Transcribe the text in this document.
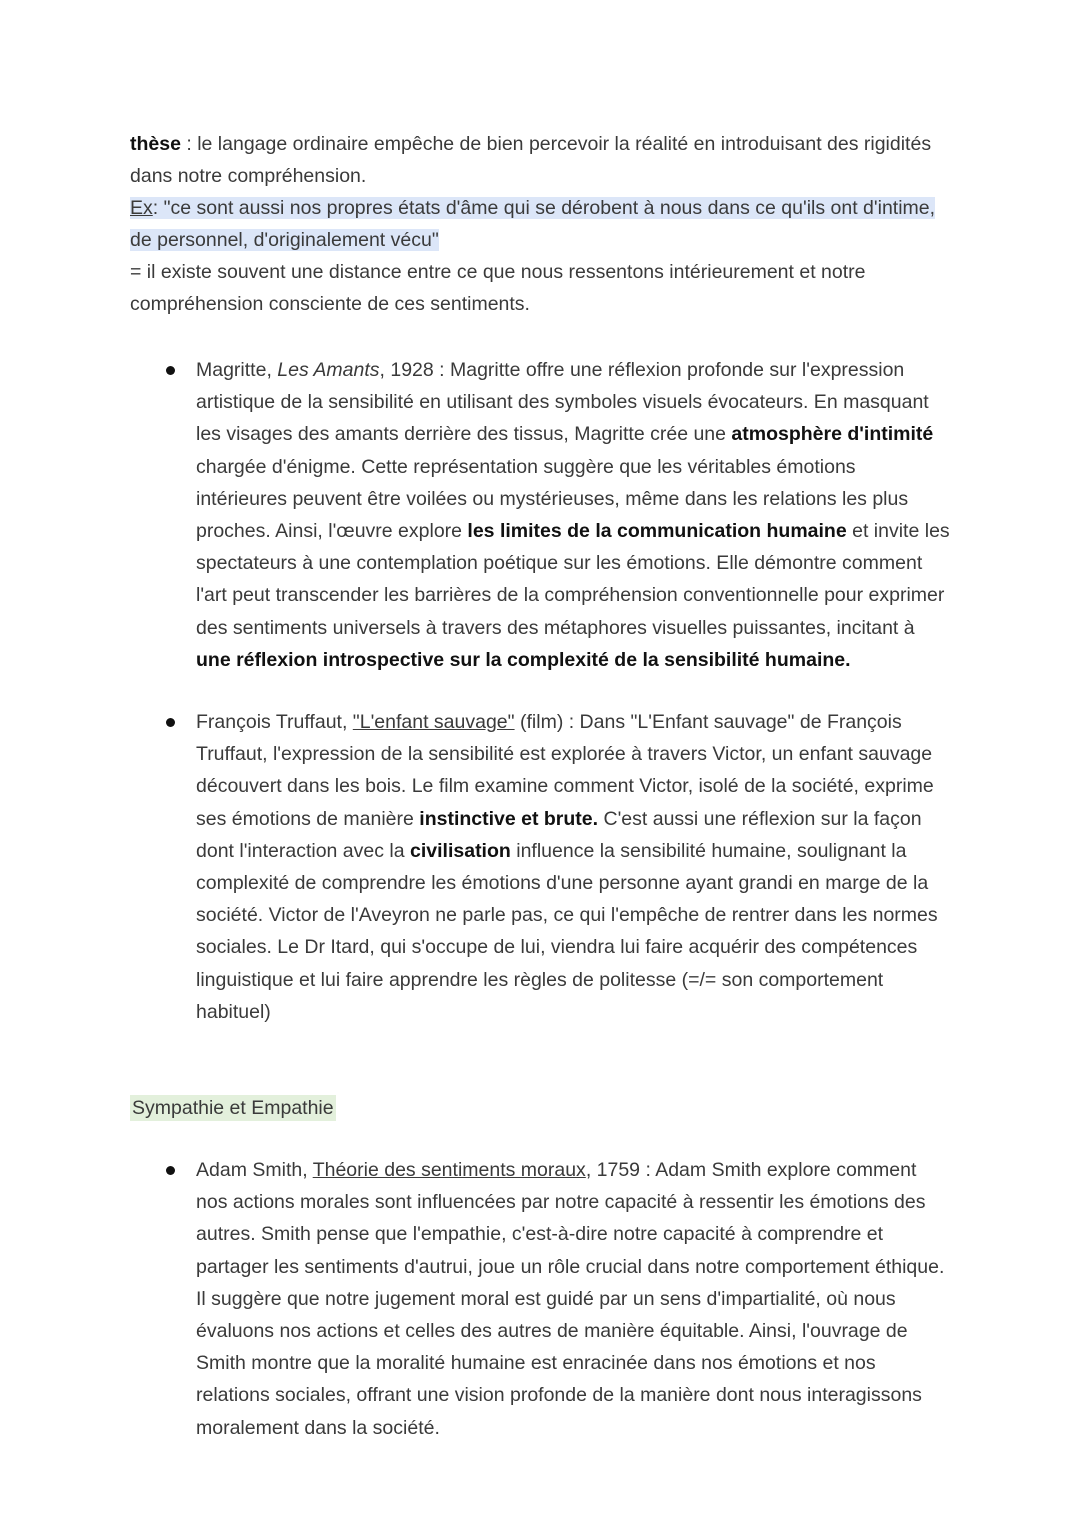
thèse : le langage ordinaire empêche de bien percevoir la réalité en introduisant des rigidités dans notre compréhension.

Ex: "ce sont aussi nos propres états d'âme qui se dérobent à nous dans ce qu'ils ont d'intime, de personnel, d'originalement vécu"

= il existe souvent une distance entre ce que nous ressentons intérieurement et notre compréhension consciente de ces sentiments.

Magritte, Les Amants, 1928 : Magritte offre une réflexion profonde sur l'expression artistique de la sensibilité en utilisant des symboles visuels évocateurs. En masquant les visages des amants derrière des tissus, Magritte crée une atmosphère d'intimité chargée d'énigme. Cette représentation suggère que les véritables émotions intérieures peuvent être voilées ou mystérieuses, même dans les relations les plus proches. Ainsi, l'œuvre explore les limites de la communication humaine et invite les spectateurs à une contemplation poétique sur les émotions. Elle démontre comment l'art peut transcender les barrières de la compréhension conventionnelle pour exprimer des sentiments universels à travers des métaphores visuelles puissantes, incitant à une réflexion introspective sur la complexité de la sensibilité humaine.
François Truffaut, "L'enfant sauvage" (film) : Dans "L'Enfant sauvage" de François Truffaut, l'expression de la sensibilité est explorée à travers Victor, un enfant sauvage découvert dans les bois. Le film examine comment Victor, isolé de la société, exprime ses émotions de manière instinctive et brute. C'est aussi une réflexion sur la façon dont l'interaction avec la civilisation influence la sensibilité humaine, soulignant la complexité de comprendre les émotions d'une personne ayant grandi en marge de la société. Victor de l'Aveyron ne parle pas, ce qui l'empêche de rentrer dans les normes sociales. Le Dr Itard, qui s'occupe de lui, viendra lui faire acquérir des compétences linguistique et lui faire apprendre les règles de politesse (=/= son comportement habituel)

Sympathie et Empathie

Adam Smith, Théorie des sentiments moraux, 1759 : Adam Smith explore comment nos actions morales sont influencées par notre capacité à ressentir les émotions des autres. Smith pense que l'empathie, c'est-à-dire notre capacité à comprendre et partager les sentiments d'autrui, joue un rôle crucial dans notre comportement éthique. Il suggère que notre jugement moral est guidé par un sens d'impartialité, où nous évaluons nos actions et celles des autres de manière équitable. Ainsi, l'ouvrage de Smith montre que la moralité humaine est enracinée dans nos émotions et nos relations sociales, offrant une vision profonde de la manière dont nous interagissons moralement dans la société.
